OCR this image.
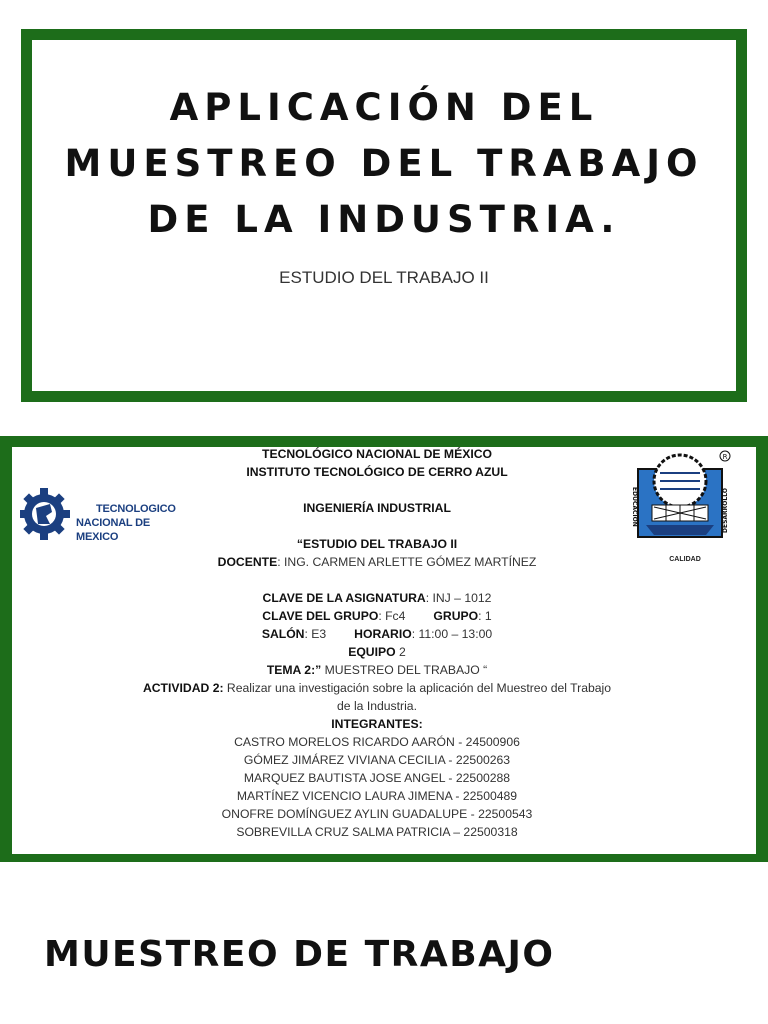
APLICACIÓN DEL
MUESTREO DEL TRABAJO
DE LA INDUSTRIA.
ESTUDIO DEL TRABAJO II
TECNOLOGICO
NACIONAL DE MEXICO
R
EDUCACION	DESARROLLO
CALIDAD
TECNOLÓGICO NACIONAL DE MÉXICO
INSTITUTO TECNOLÓGICO DE CERRO AZUL
INGENIERÍA INDUSTRIAL
“ESTUDIO DEL TRABAJO II
DOCENTE: ING. CARMEN ARLETTE GÓMEZ MARTÍNEZ
CLAVE DE LA ASIGNATURA: INJ – 1012
CLAVE DEL GRUPO: Fc4 GRUPO: 1
SALÓN: E3 HORARIO: 11:00 – 13:00
EQUIPO 2
TEMA 2:” MUESTREO DEL TRABAJO “
ACTIVIDAD 2: Realizar una investigación sobre la aplicación del Muestreo del Trabajo de la Industria.
INTEGRANTES:
CASTRO MORELOS RICARDO AARÓN - 24500906
GÓMEZ JIMÁREZ VIVIANA CECILIA - 22500263
MARQUEZ BAUTISTA JOSE ANGEL - 22500288
MARTÍNEZ VICENCIO LAURA JIMENA - 22500489
ONOFRE DOMÍNGUEZ AYLIN GUADALUPE - 22500543
SOBREVILLA CRUZ SALMA PATRICIA – 22500318
MUESTREO DE TRABAJO
